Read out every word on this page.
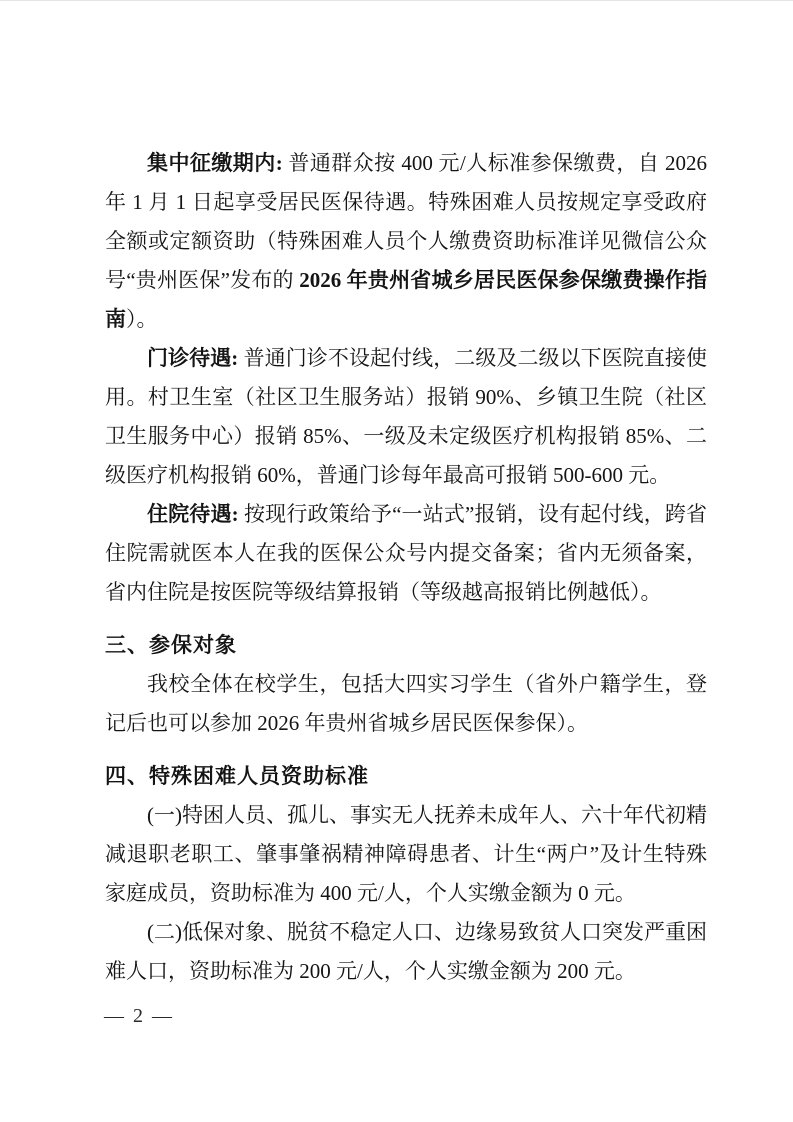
集中征缴期内: 普通群众按 400 元/人标准参保缴费，自 2026 年 1 月 1 日起享受居民医保待遇。特殊困难人员按规定享受政府全额或定额资助（特殊困难人员个人缴费资助标准详见微信公众号“贵州医保”发布的 2026 年贵州省城乡居民医保参保缴费操作指南）。

门诊待遇: 普通门诊不设起付线，二级及二级以下医院直接使用。村卫生室（社区卫生服务站）报销 90%、乡镇卫生院（社区卫生服务中心）报销 85%、一级及未定级医疗机构报销 85%、二级医疗机构报销 60%，普通门诊每年最高可报销 500-600 元。

住院待遇: 按现行政策给予“一站式”报销，设有起付线，跨省住院需就医本人在我的医保公众号内提交备案；省内无须备案，省内住院是按医院等级结算报销（等级越高报销比例越低）。

三、参保对象

我校全体在校学生，包括大四实习学生（省外户籍学生，登记后也可以参加 2026 年贵州省城乡居民医保参保）。

四、特殊困难人员资助标准

(一)特困人员、孤儿、事实无人抚养未成年人、六十年代初精减退职老职工、肇事肇祸精神障碍患者、计生“两户”及计生特殊家庭成员，资助标准为 400 元/人，个人实缴金额为 0 元。

(二)低保对象、脱贫不稳定人口、边缘易致贫人口突发严重困难人口，资助标准为 200 元/人，个人实缴金额为 200 元。

— 2 —
